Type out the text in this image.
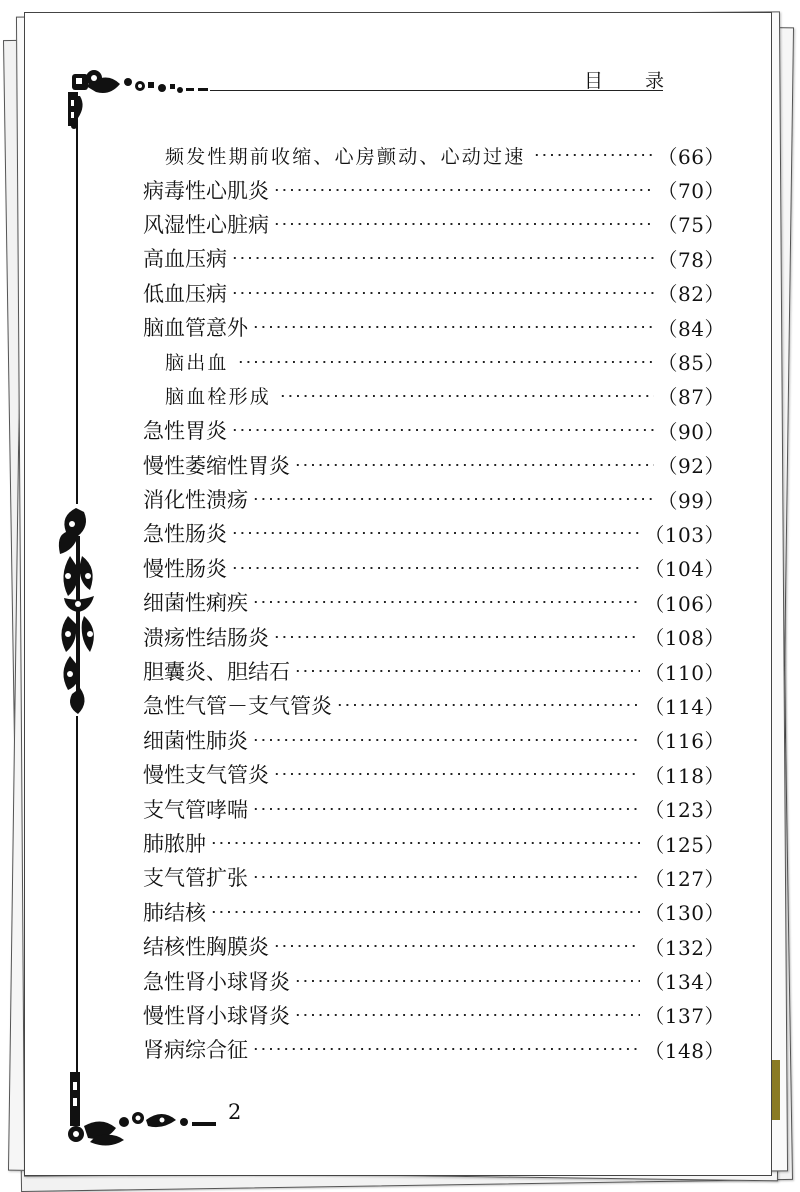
目 录
频发性期前收缩、心房颤动、心动过速	（66）
病毒性心肌炎	（70）
风湿性心脏病	（75）
高血压病	（78）
低血压病	（82）
脑血管意外	（84）
脑出血	（85）
脑血栓形成	（87）
急性胃炎	（90）
慢性萎缩性胃炎	（92）
消化性溃疡	（99）
急性肠炎	（103）
慢性肠炎	（104）
细菌性痢疾	（106）
溃疡性结肠炎	（108）
胆囊炎、胆结石	（110）
急性气管－支气管炎	（114）
细菌性肺炎	（116）
慢性支气管炎	（118）
支气管哮喘	（123）
肺脓肿	（125）
支气管扩张	（127）
肺结核	（130）
结核性胸膜炎	（132）
急性肾小球肾炎	（134）
慢性肾小球肾炎	（137）
肾病综合征	（148）
2
